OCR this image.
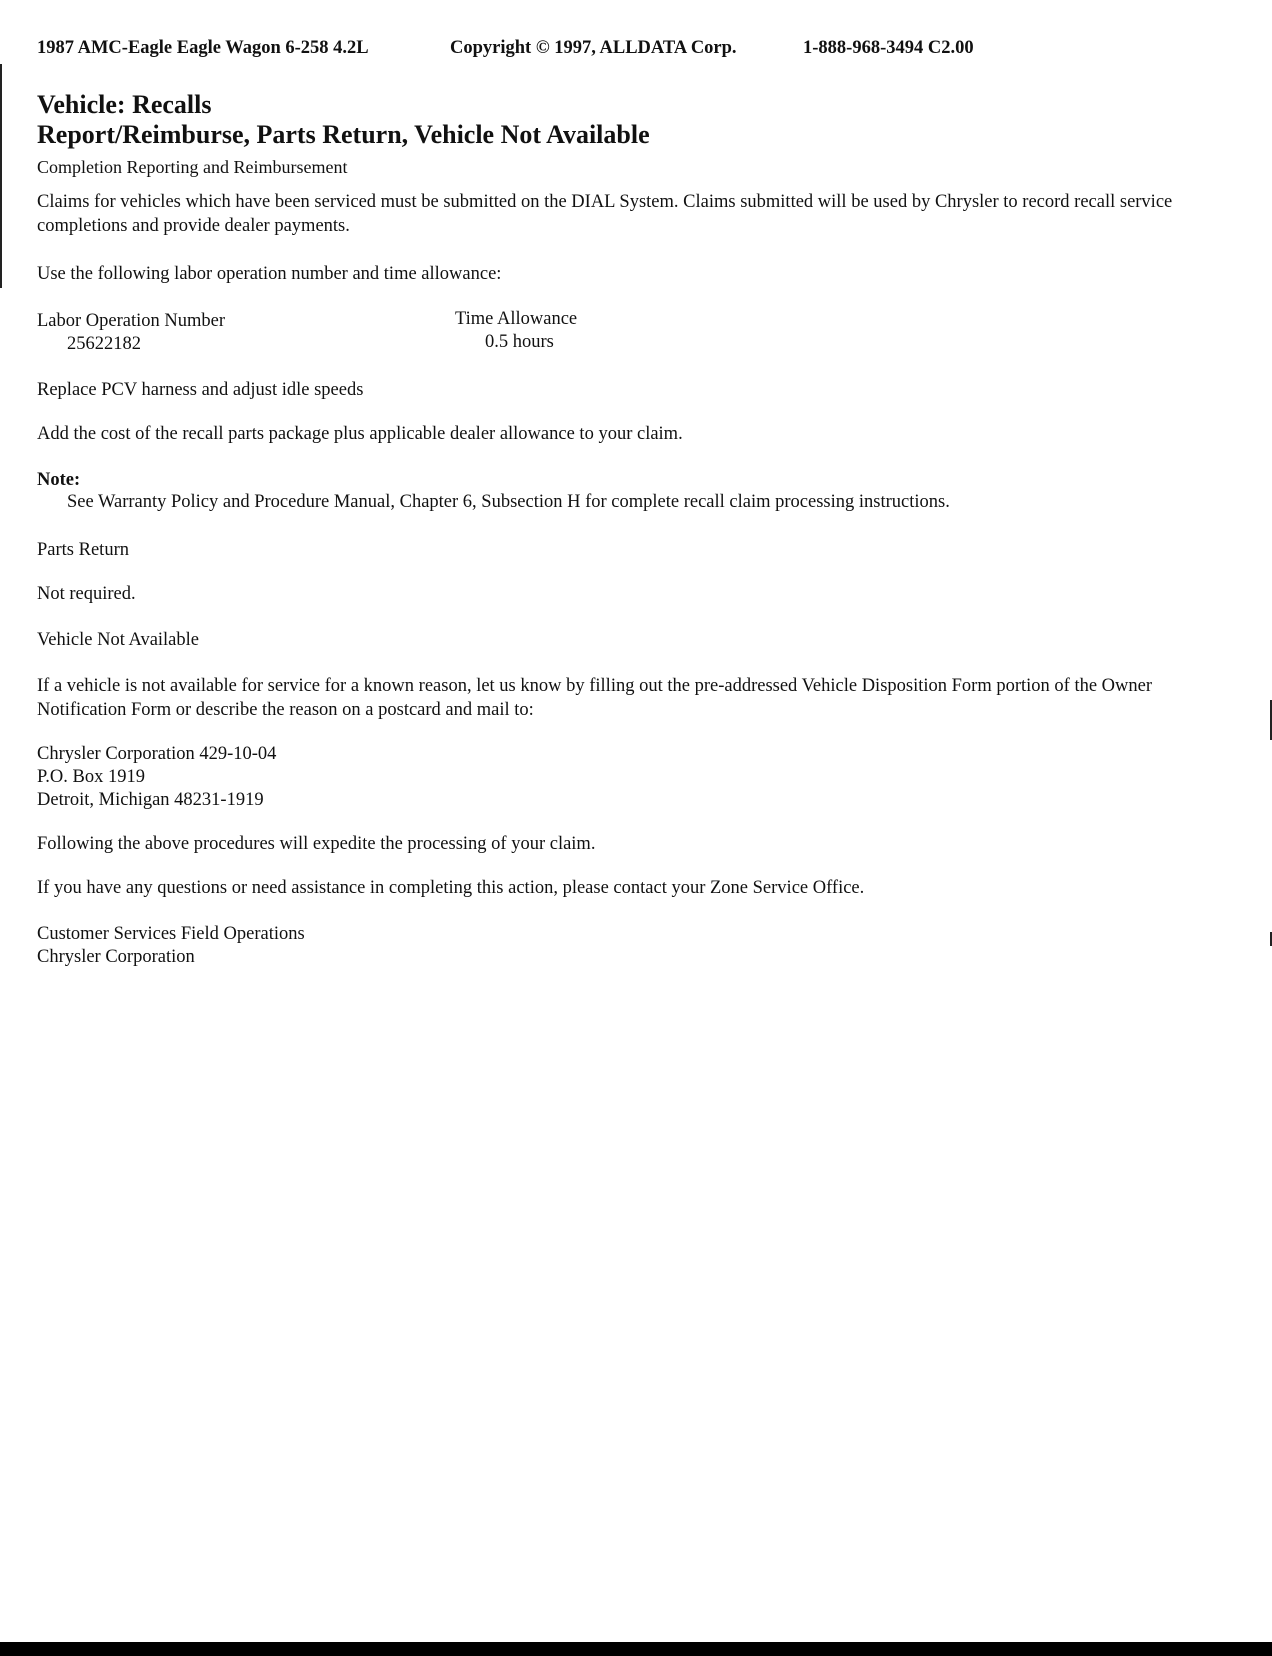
1987 AMC-Eagle Eagle Wagon 6-258 4.2L	Copyright © 1997, ALLDATA Corp.	1-888-968-3494 C2.00
Vehicle: Recalls
Report/Reimburse, Parts Return, Vehicle Not Available
Completion Reporting and Reimbursement
Claims for vehicles which have been serviced must be submitted on the DIAL System. Claims submitted will be used by Chrysler to record recall service completions and provide dealer payments.
Use the following labor operation number and time allowance:
Labor Operation Number
25622182
Time Allowance
0.5 hours
Replace PCV harness and adjust idle speeds
Add the cost of the recall parts package plus applicable dealer allowance to your claim.
Note:
See Warranty Policy and Procedure Manual, Chapter 6, Subsection H for complete recall claim processing instructions.
Parts Return
Not required.
Vehicle Not Available
If a vehicle is not available for service for a known reason, let us know by filling out the pre-addressed Vehicle Disposition Form portion of the Owner Notification Form or describe the reason on a postcard and mail to:
Chrysler Corporation 429-10-04
P.O. Box 1919
Detroit, Michigan 48231-1919
Following the above procedures will expedite the processing of your claim.
If you have any questions or need assistance in completing this action, please contact your Zone Service Office.
Customer Services Field Operations
Chrysler Corporation
